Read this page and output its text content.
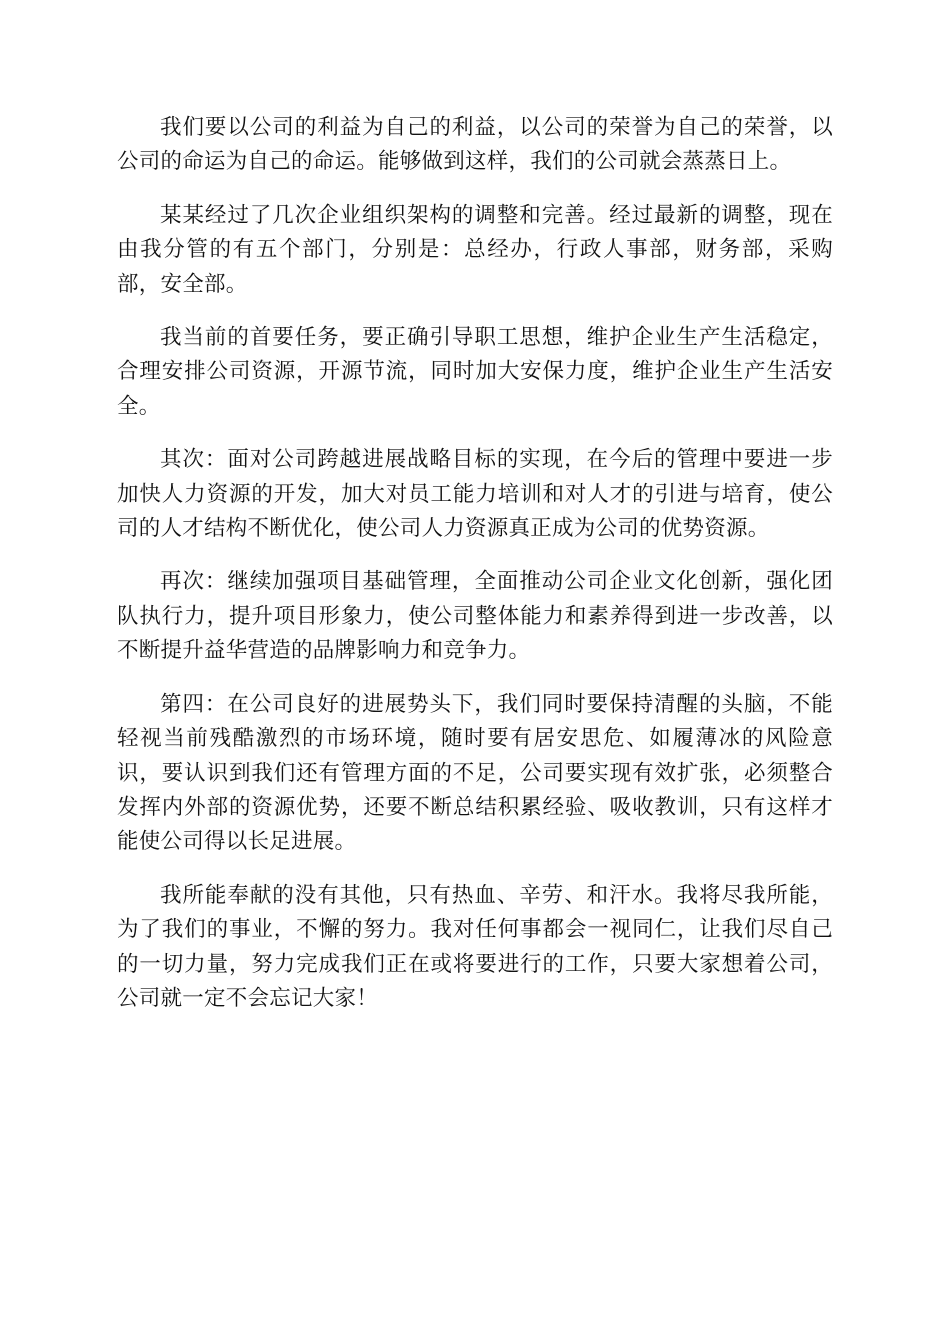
我们要以公司的利益为自己的利益，以公司的荣誉为自己的荣誉，以公司的命运为自己的命运。能够做到这样，我们的公司就会蒸蒸日上。

某某经过了几次企业组织架构的调整和完善。经过最新的调整，现在由我分管的有五个部门，分别是：总经办，行政人事部，财务部，采购部，安全部。

我当前的首要任务，要正确引导职工思想，维护企业生产生活稳定，合理安排公司资源，开源节流，同时加大安保力度，维护企业生产生活安全。

其次：面对公司跨越进展战略目标的实现，在今后的管理中要进一步加快人力资源的开发，加大对员工能力培训和对人才的引进与培育，使公司的人才结构不断优化，使公司人力资源真正成为公司的优势资源。

再次：继续加强项目基础管理，全面推动公司企业文化创新，强化团队执行力，提升项目形象力，使公司整体能力和素养得到进一步改善，以不断提升益华营造的品牌影响力和竞争力。

第四：在公司良好的进展势头下，我们同时要保持清醒的头脑，不能轻视当前残酷激烈的市场环境，随时要有居安思危、如履薄冰的风险意识，要认识到我们还有管理方面的不足，公司要实现有效扩张，必须整合发挥内外部的资源优势，还要不断总结积累经验、吸收教训，只有这样才能使公司得以长足进展。

我所能奉献的没有其他，只有热血、辛劳、和汗水。我将尽我所能，为了我们的事业，不懈的努力。我对任何事都会一视同仁，让我们尽自己的一切力量，努力完成我们正在或将要进行的工作，只要大家想着公司，公司就一定不会忘记大家！
